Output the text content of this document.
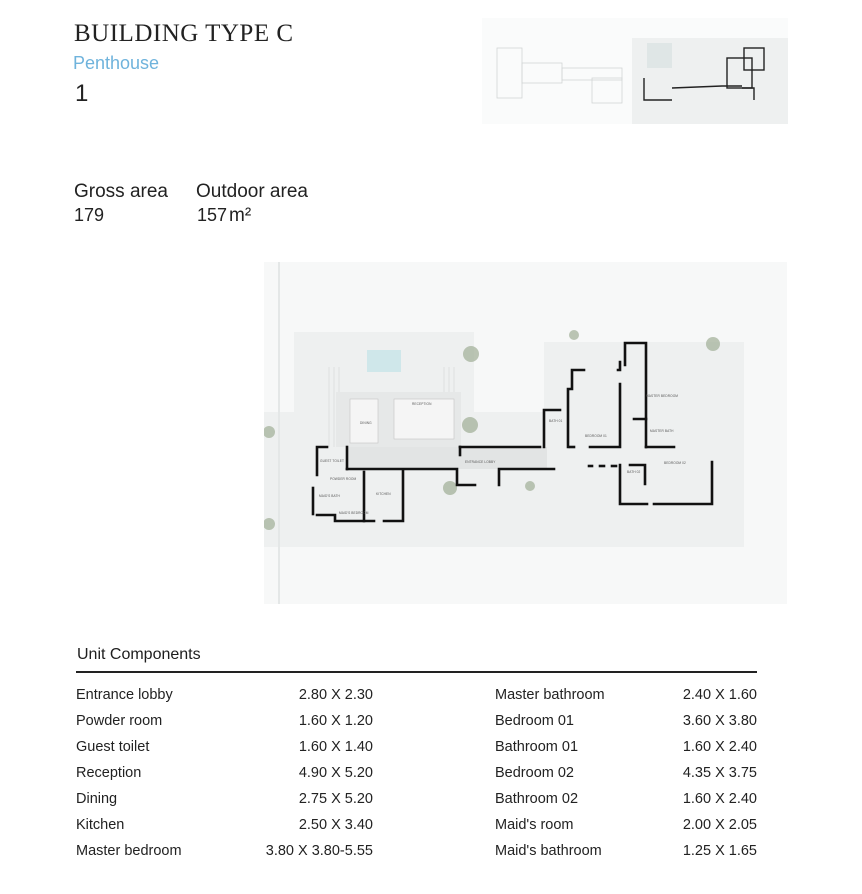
BUILDING TYPE C
Penthouse
1
Gross area
179
Outdoor area
157 m²
DINING
RECEPTION
ENTRANCE LOBBY
BATH 01
BEDROOM 01
MASTER BEDROOM
MASTER BATH
BEDROOM 02
BATH 02
GUEST TOILET
POWDER ROOM
MAID'S BATH
MAID'S BEDROOM
KITCHEN
Unit Components
Entrance lobby	2.80 X 2.30
Powder room	1.60 X 1.20
Guest toilet	1.60 X 1.40
Reception	4.90 X 5.20
Dining	2.75 X 5.20
Kitchen	2.50 X 3.40
Master bedroom	3.80 X 3.80-5.55
Master bathroom	2.40 X 1.60
Bedroom 01	3.60 X 3.80
Bathroom 01	1.60 X 2.40
Bedroom 02	4.35 X 3.75
Bathroom 02	1.60 X 2.40
Maid's room	2.00 X 2.05
Maid's bathroom	1.25 X 1.65
